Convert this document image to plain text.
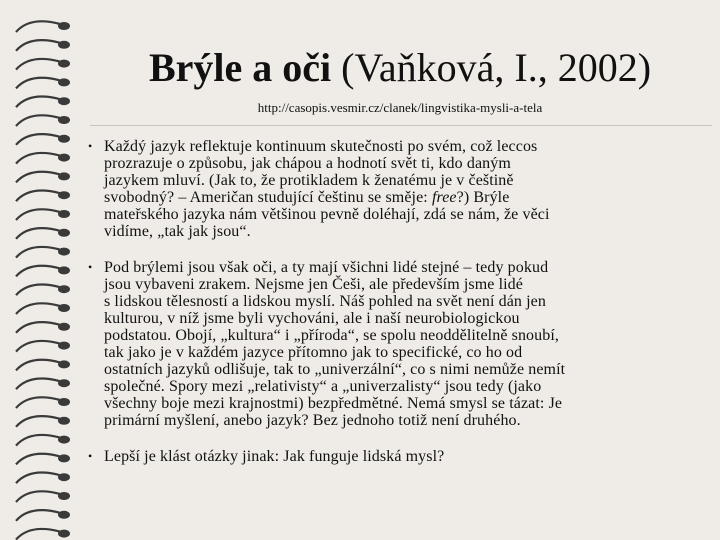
Brýle a oči (Vaňková, I., 2002)
http://casopis.vesmir.cz/clanek/lingvistika-mysli-a-tela
• Každý jazyk reflektuje kontinuum skutečnosti po svém, což leccos
prozrazuje o způsobu, jak chápou a hodnotí svět ti, kdo daným
jazykem mluví. (Jak to, že protikladem k ženatému je v češtině
svobodný? – Američan studující češtinu se směje: free?) Brýle
mateřského jazyka nám většinou pevně doléhají, zdá se nám, že věci
vidíme, „tak jak jsou“.
• Pod brýlemi jsou však oči, a ty mají všichni lidé stejné – tedy pokud
jsou vybaveni zrakem. Nejsme jen Češi, ale především jsme lidé
s lidskou tělesností a lidskou myslí. Náš pohled na svět není dán jen
kulturou, v níž jsme byli vychováni, ale i naší neurobiologickou
podstatou. Obojí, „kultura“ i „příroda“, se spolu neoddělitelně snoubí,
tak jako je v každém jazyce přítomno jak to specifické, co ho od
ostatních jazyků odlišuje, tak to „univerzální“, co s nimi nemůže nemít
společné. Spory mezi „relativisty“ a „univerzalisty“ jsou tedy (jako
všechny boje mezi krajnostmi) bezpředmětné. Nemá smysl se tázat: Je
primární myšlení, anebo jazyk? Bez jednoho totiž není druhého.
• Lepší je klást otázky jinak: Jak funguje lidská mysl?
